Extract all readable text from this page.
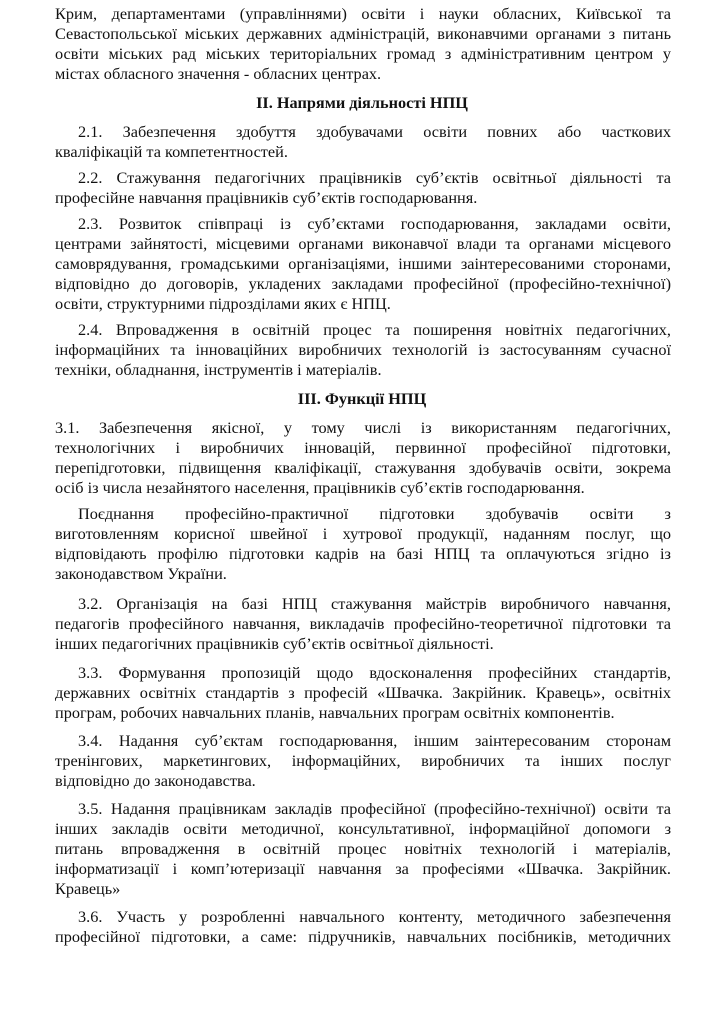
Крим, департаментами (управліннями) освіти і науки обласних, Київської та
Севастопольської міських державних адміністрацій, виконавчими органами з питань
освіти міських рад міських територіальних громад з адміністративним центром у
містах обласного значення - обласних центрах.
ІІ. Напрями діяльності НПЦ
2.1. Забезпечення здобуття здобувачами освіти повних або часткових
кваліфікацій та компетентностей.
2.2. Стажування педагогічних працівників суб’єктів освітньої діяльності та
професійне навчання працівників суб’єктів господарювання.
2.3. Розвиток співпраці із суб’єктами господарювання, закладами освіти,
центрами зайнятості, місцевими органами виконавчої влади та органами місцевого
самоврядування, громадськими організаціями, іншими заінтересованими сторонами,
відповідно до договорів, укладених закладами професійної (професійно-технічної)
освіти, структурними підрозділами яких є НПЦ.
2.4. Впровадження в освітній процес та поширення новітніх педагогічних,
інформаційних та інноваційних виробничих технологій із застосуванням сучасної
техніки, обладнання, інструментів і матеріалів.
ІІІ. Функції НПЦ
3.1. Забезпечення якісної, у тому числі із використанням педагогічних,
технологічних і виробничих інновацій, первинної професійної підготовки,
перепідготовки, підвищення кваліфікації, стажування здобувачів освіти, зокрема
осіб із числа незайнятого населення, працівників суб’єктів господарювання.
Поєднання професійно-практичної підготовки здобувачів освіти з
виготовленням корисної швейної і хутрової продукції, наданням послуг, що
відповідають профілю підготовки кадрів на базі НПЦ та оплачуються згідно із
законодавством України.
3.2. Організація на базі НПЦ стажування майстрів виробничого навчання,
педагогів професійного навчання, викладачів професійно-теоретичної підготовки та
інших педагогічних працівників суб’єктів освітньої діяльності.
3.3. Формування пропозицій щодо вдосконалення професійних стандартів,
державних освітніх стандартів з професій «Швачка. Закрійник. Кравець», освітніх
програм, робочих навчальних планів, навчальних програм освітніх компонентів.
3.4. Надання суб’єктам господарювання, іншим заінтересованим сторонам
тренінгових, маркетингових, інформаційних, виробничих та інших послуг
відповідно до законодавства.
3.5. Надання працівникам закладів професійної (професійно-технічної) освіти та
інших закладів освіти методичної, консультативної, інформаційної допомоги з
питань впровадження в освітній процес новітніх технологій і матеріалів,
інформатизації і комп’ютеризації навчання за професіями «Швачка. Закрійник.
Кравець»
3.6. Участь у розробленні навчального контенту, методичного забезпечення
професійної підготовки, а саме: підручників, навчальних посібників, методичних
